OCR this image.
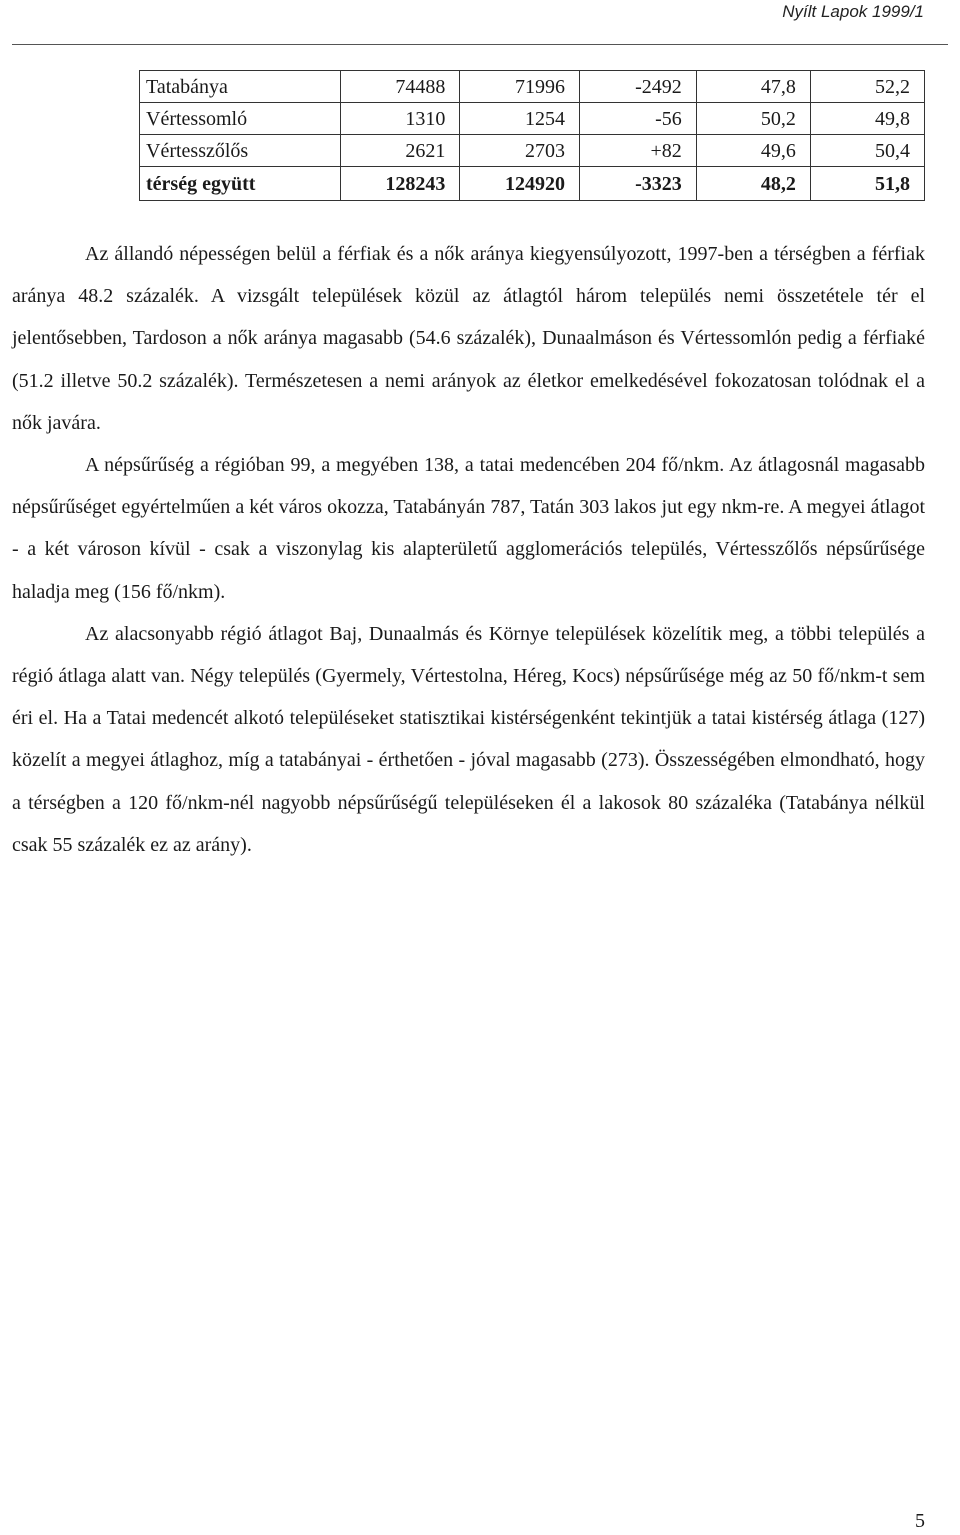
Nyílt Lapok 1999/1
Tatabánya	74488	71996	-2492	47,8	52,2
Vértessomló	1310	1254	-56	50,2	49,8
Vértesszőlős	2621	2703	+82	49,6	50,4
térség együtt	128243	124920	-3323	48,2	51,8

Az állandó népességen belül a férfiak és a nők aránya kiegyensúlyozott, 1997-ben a térségben a férfiak aránya 48.2 százalék. A vizsgált települések közül az átlagtól három település nemi összetétele tér el jelentősebben, Tardoson a nők aránya magasabb (54.6 százalék), Dunaalmáson és Vértessomlón pedig a férfiaké (51.2 illetve 50.2 százalék). Természetesen a nemi arányok az életkor emelkedésével fokozatosan tolódnak el a nők javára.

A népsűrűség a régióban 99, a megyében 138, a tatai medencében 204 fő/nkm. Az átlagosnál magasabb népsűrűséget egyértelműen a két város okozza, Tatabányán 787, Tatán 303 lakos jut egy nkm-re. A megyei átlagot - a két városon kívül - csak a viszonylag kis alapterületű agglomerációs település, Vértesszőlős népsűrűsége haladja meg (156 fő/nkm).

Az alacsonyabb régió átlagot Baj, Dunaalmás és Környe települések közelítik meg, a többi település a régió átlaga alatt van. Négy település (Gyermely, Vértestolna, Héreg, Kocs) népsűrűsége még az 50 fő/nkm-t sem éri el. Ha a Tatai medencét alkotó településeket statisztikai kistérségenként tekintjük a tatai kistérség átlaga (127) közelít a megyei átlaghoz, míg a tatabányai - érthetően - jóval magasabb (273). Összességében elmondható, hogy a térségben a 120 fő/nkm-nél nagyobb népsűrűségű településeken él a lakosok 80 százaléka (Tatabánya nélkül csak 55 százalék ez az arány).

5
